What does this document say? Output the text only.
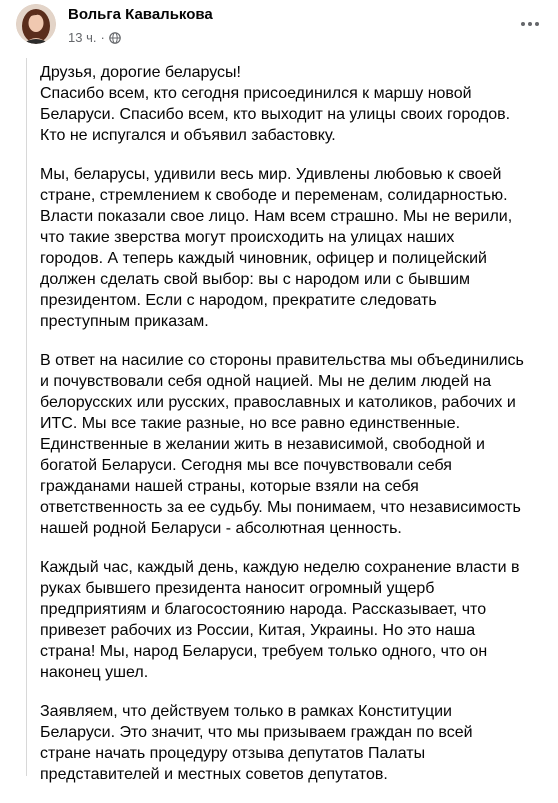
Вольга Кавалькова
13 ч. ·

Друзья, дорогие беларусы!
Спасибо всем, кто сегодня присоединился к маршу новой
Беларуси. Спасибо всем, кто выходит на улицы своих городов.
Кто не испугался и объявил забастовку.

Мы, беларусы, удивили весь мир. Удивлены любовью к своей
стране, стремлением к свободе и переменам, солидарностью.
Власти показали свое лицо. Нам всем страшно. Мы не верили,
что такие зверства могут происходить на улицах наших
городов. А теперь каждый чиновник, офицер и полицейский
должен сделать свой выбор: вы с народом или с бывшим
президентом. Если с народом, прекратите следовать
преступным приказам.

В ответ на насилие со стороны правительства мы объединились
и почувствовали себя одной нацией. Мы не делим людей на
белорусских или русских, православных и католиков, рабочих и
ИТС. Мы все такие разные, но все равно единственные.
Единственные в желании жить в независимой, свободной и
богатой Беларуси. Сегодня мы все почувствовали себя
гражданами нашей страны, которые взяли на себя
ответственность за ее судьбу. Мы понимаем, что независимость
нашей родной Беларуси - абсолютная ценность.

Каждый час, каждый день, каждую неделю сохранение власти в
руках бывшего президента наносит огромный ущерб
предприятиям и благосостоянию народа. Рассказывает, что
привезет рабочих из России, Китая, Украины. Но это наша
страна! Мы, народ Беларуси, требуем только одного, что он
наконец ушел.

Заявляем, что действуем только в рамках Конституции
Беларуси. Это значит, что мы призываем граждан по всей
стране начать процедуру отзыва депутатов Палаты
представителей и местных советов депутатов.
